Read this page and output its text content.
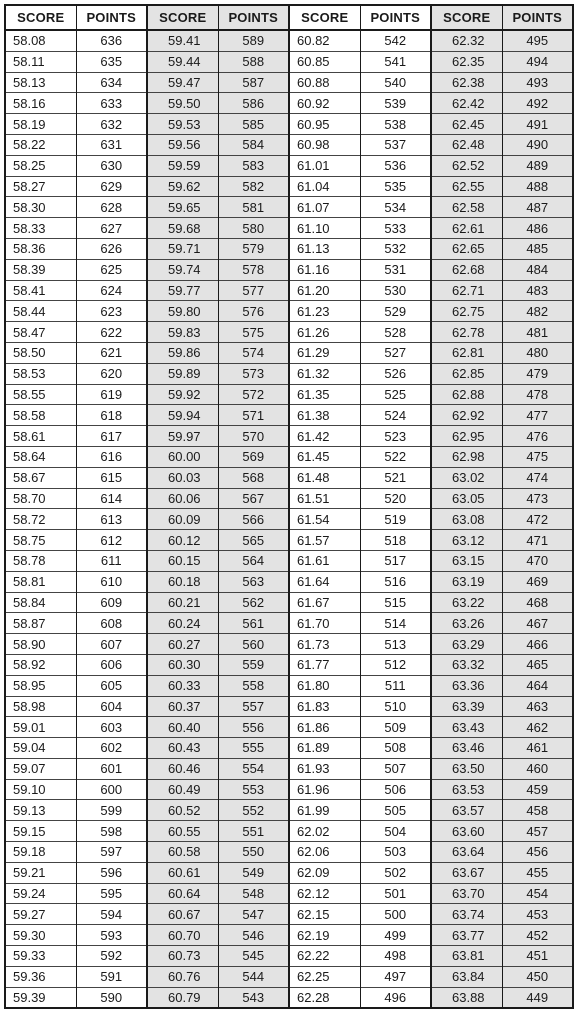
SCORE	POINTS	SCORE	POINTS	SCORE	POINTS	SCORE	POINTS
58.08	636	59.41	589	60.82	542	62.32	495
58.11	635	59.44	588	60.85	541	62.35	494
58.13	634	59.47	587	60.88	540	62.38	493
58.16	633	59.50	586	60.92	539	62.42	492
58.19	632	59.53	585	60.95	538	62.45	491
58.22	631	59.56	584	60.98	537	62.48	490
58.25	630	59.59	583	61.01	536	62.52	489
58.27	629	59.62	582	61.04	535	62.55	488
58.30	628	59.65	581	61.07	534	62.58	487
58.33	627	59.68	580	61.10	533	62.61	486
58.36	626	59.71	579	61.13	532	62.65	485
58.39	625	59.74	578	61.16	531	62.68	484
58.41	624	59.77	577	61.20	530	62.71	483
58.44	623	59.80	576	61.23	529	62.75	482
58.47	622	59.83	575	61.26	528	62.78	481
58.50	621	59.86	574	61.29	527	62.81	480
58.53	620	59.89	573	61.32	526	62.85	479
58.55	619	59.92	572	61.35	525	62.88	478
58.58	618	59.94	571	61.38	524	62.92	477
58.61	617	59.97	570	61.42	523	62.95	476
58.64	616	60.00	569	61.45	522	62.98	475
58.67	615	60.03	568	61.48	521	63.02	474
58.70	614	60.06	567	61.51	520	63.05	473
58.72	613	60.09	566	61.54	519	63.08	472
58.75	612	60.12	565	61.57	518	63.12	471
58.78	611	60.15	564	61.61	517	63.15	470
58.81	610	60.18	563	61.64	516	63.19	469
58.84	609	60.21	562	61.67	515	63.22	468
58.87	608	60.24	561	61.70	514	63.26	467
58.90	607	60.27	560	61.73	513	63.29	466
58.92	606	60.30	559	61.77	512	63.32	465
58.95	605	60.33	558	61.80	511	63.36	464
58.98	604	60.37	557	61.83	510	63.39	463
59.01	603	60.40	556	61.86	509	63.43	462
59.04	602	60.43	555	61.89	508	63.46	461
59.07	601	60.46	554	61.93	507	63.50	460
59.10	600	60.49	553	61.96	506	63.53	459
59.13	599	60.52	552	61.99	505	63.57	458
59.15	598	60.55	551	62.02	504	63.60	457
59.18	597	60.58	550	62.06	503	63.64	456
59.21	596	60.61	549	62.09	502	63.67	455
59.24	595	60.64	548	62.12	501	63.70	454
59.27	594	60.67	547	62.15	500	63.74	453
59.30	593	60.70	546	62.19	499	63.77	452
59.33	592	60.73	545	62.22	498	63.81	451
59.36	591	60.76	544	62.25	497	63.84	450
59.39	590	60.79	543	62.28	496	63.88	449
